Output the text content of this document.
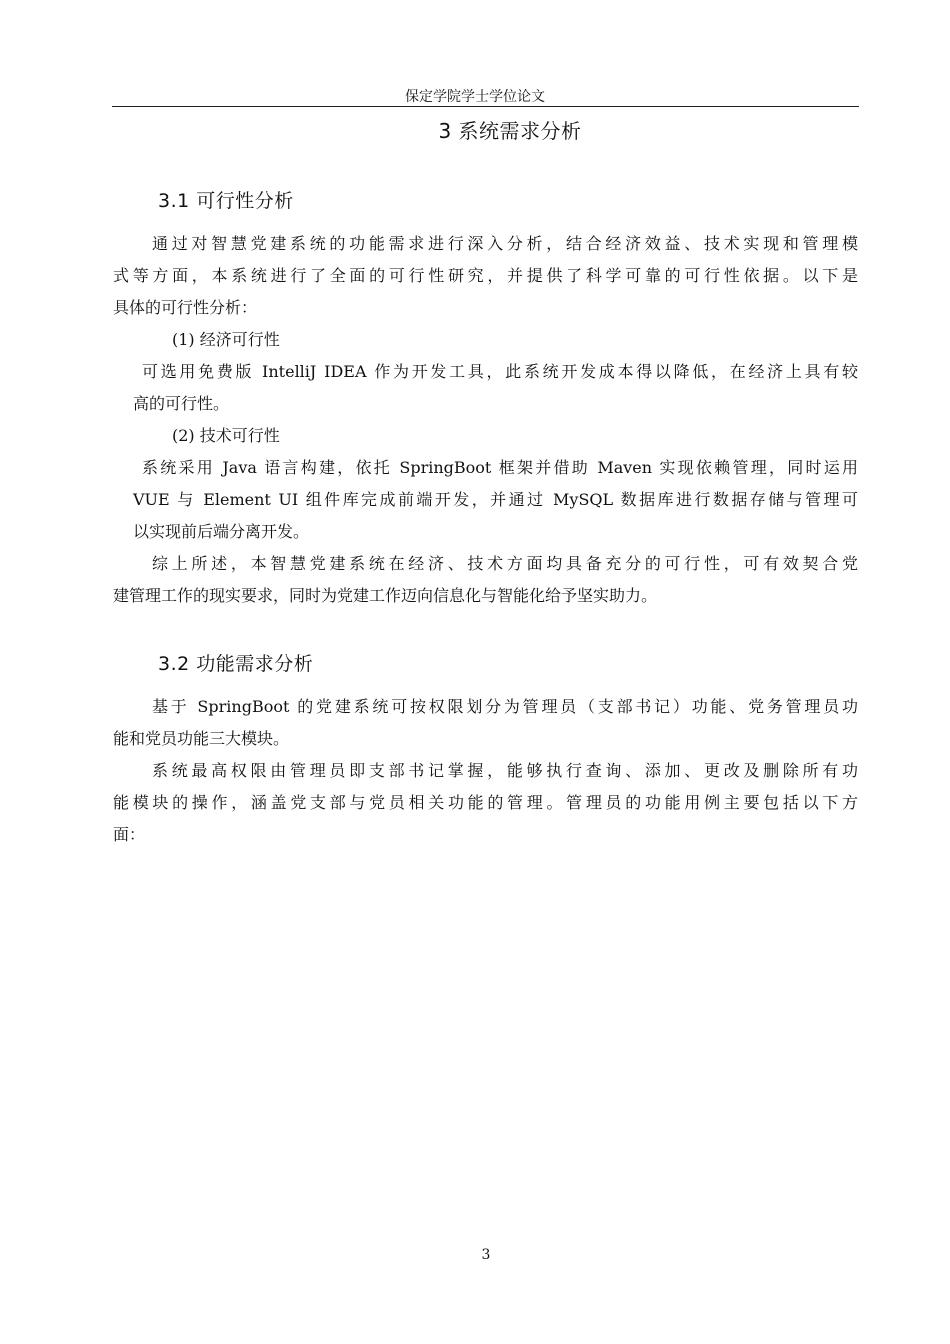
保定学院学士学位论文
3 系统需求分析
3.1 可行性分析
通过对智慧党建系统的功能需求进行深入分析，结合经济效益、技术实现和管理模
式等方面，本系统进行了全面的可行性研究，并提供了科学可靠的可行性依据。以下是
具体的可行性分析：
(1) 经济可行性
可选用免费版 IntelliJ IDEA 作为开发工具，此系统开发成本得以降低，在经济上具有较
高的可行性。
(2) 技术可行性
系统采用 Java 语言构建，依托 SpringBoot 框架并借助 Maven 实现依赖管理，同时运用
VUE 与 Element UI 组件库完成前端开发，并通过 MySQL 数据库进行数据存储与管理可
以实现前后端分离开发。
综上所述，本智慧党建系统在经济、技术方面均具备充分的可行性，可有效契合党
建管理工作的现实要求，同时为党建工作迈向信息化与智能化给予坚实助力。
3.2 功能需求分析
基于 SpringBoot 的党建系统可按权限划分为管理员（支部书记）功能、党务管理员功
能和党员功能三大模块。
系统最高权限由管理员即支部书记掌握，能够执行查询、添加、更改及删除所有功
能模块的操作，涵盖党支部与党员相关功能的管理。管理员的功能用例主要包括以下方
面：
3
